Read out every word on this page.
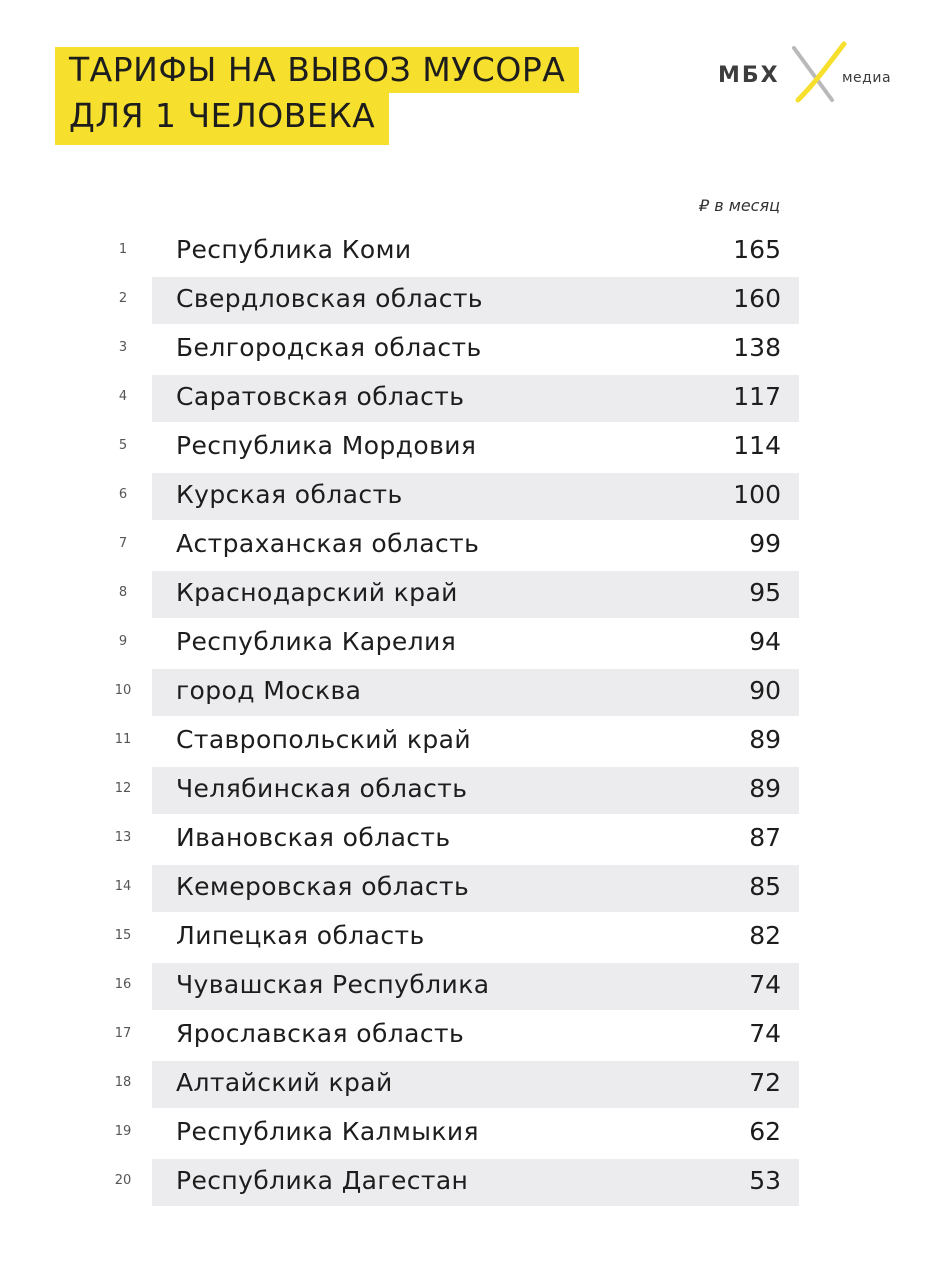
ТАРИФЫ НА ВЫВОЗ МУСОРА
ДЛЯ 1 ЧЕЛОВЕКА
МБХ	медиа
₽ в месяц
1	Республика Коми	165
2	Свердловская область	160
3	Белгородская область	138
4	Саратовская область	117
5	Республика Мордовия	114
6	Курская область	100
7	Астраханская область	99
8	Краснодарский край	95
9	Республика Карелия	94
10	город Москва	90
11	Ставропольский край	89
12	Челябинская область	89
13	Ивановская область	87
14	Кемеровская область	85
15	Липецкая область	82
16	Чувашская Республика	74
17	Ярославская область	74
18	Алтайский край	72
19	Республика Калмыкия	62
20	Республика Дагестан	53
